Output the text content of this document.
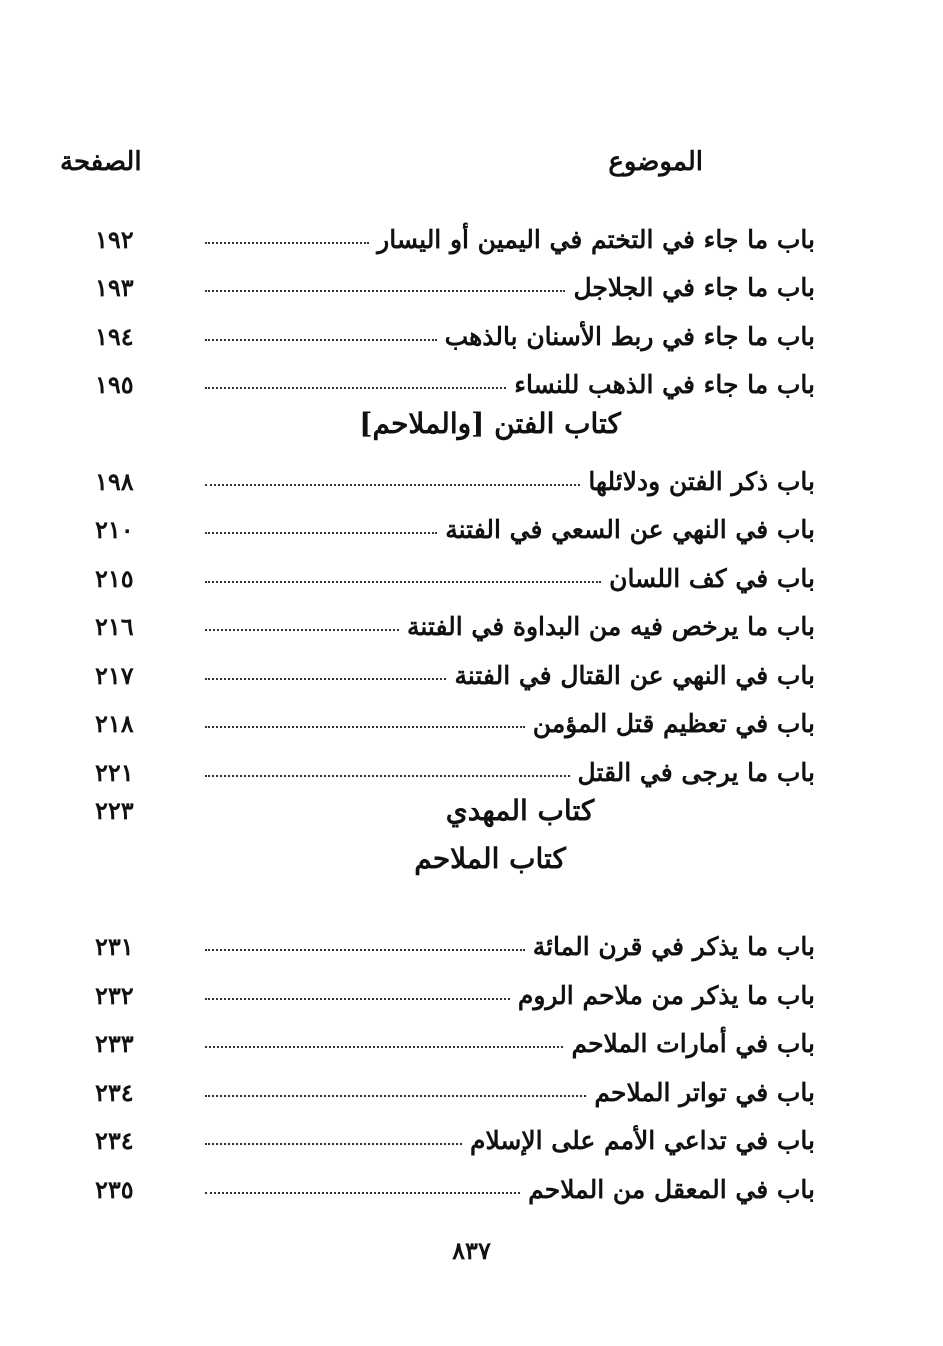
الموضوع
الصفحة
باب ما جاء في التختم في اليمين أو اليسار
١٩٢
باب ما جاء في الجلاجل
١٩٣
باب ما جاء في ربط الأسنان بالذهب
١٩٤
باب ما جاء في الذهب للنساء
١٩٥
كتاب الفتن [والملاحم]
باب ذكر الفتن ودلائلها
١٩٨
باب في النهي عن السعي في الفتنة
٢١٠
باب في كف اللسان
٢١٥
باب ما يرخص فيه من البداوة في الفتنة
٢١٦
باب في النهي عن القتال في الفتنة
٢١٧
باب في تعظيم قتل المؤمن
٢١٨
باب ما يرجى في القتل
٢٢١
كتاب المهدي
٢٢٣
كتاب الملاحم
باب ما يذكر في قرن المائة
٢٣١
باب ما يذكر من ملاحم الروم
٢٣٢
باب في أمارات الملاحم
٢٣٣
باب في تواتر الملاحم
٢٣٤
باب في تداعي الأمم على الإسلام
٢٣٤
باب في المعقل من الملاحم
٢٣٥
٨٣٧
